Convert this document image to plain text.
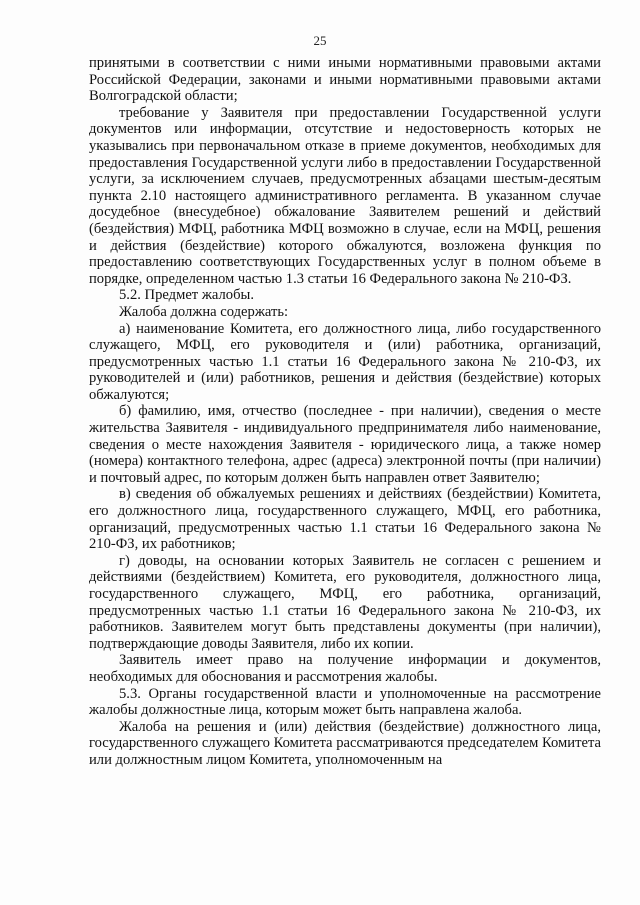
25

принятыми в соответствии с ними иными нормативными правовыми актами Российской Федерации, законами и иными нормативными правовыми актами Волгоградской области;

требование у Заявителя при предоставлении Государственной услуги документов или информации, отсутствие и недостоверность которых не указывались при первоначальном отказе в приеме документов, необходимых для предоставления Государственной услуги либо в предоставлении Государственной услуги, за исключением случаев, предусмотренных абзацами шестым-десятым пункта 2.10 настоящего административного регламента. В указанном случае досудебное (внесудебное) обжалование Заявителем решений и действий (бездействия) МФЦ, работника МФЦ возможно в случае, если на МФЦ, решения и действия (бездействие) которого обжалуются, возложена функция по предоставлению соответствующих Государственных услуг в полном объеме в порядке, определенном частью 1.3 статьи 16 Федерального закона № 210-ФЗ.

5.2. Предмет жалобы.

Жалоба должна содержать:

а) наименование Комитета, его должностного лица, либо государственного служащего, МФЦ, его руководителя и (или) работника, организаций, предусмотренных частью 1.1 статьи 16 Федерального закона № 210-ФЗ, их руководителей и (или) работников, решения и действия (бездействие) которых обжалуются;

б) фамилию, имя, отчество (последнее - при наличии), сведения о месте жительства Заявителя - индивидуального предпринимателя либо наименование, сведения о месте нахождения Заявителя - юридического лица, а также номер (номера) контактного телефона, адрес (адреса) электронной почты (при наличии) и почтовый адрес, по которым должен быть направлен ответ Заявителю;

в) сведения об обжалуемых решениях и действиях (бездействии) Комитета, его должностного лица, государственного служащего, МФЦ, его работника, организаций, предусмотренных частью 1.1 статьи 16 Федерального закона № 210-ФЗ, их работников;

г) доводы, на основании которых Заявитель не согласен с решением и действиями (бездействием) Комитета, его руководителя, должностного лица, государственного служащего, МФЦ, его работника, организаций, предусмотренных частью 1.1 статьи 16 Федерального закона № 210-ФЗ, их работников. Заявителем могут быть представлены документы (при наличии), подтверждающие доводы Заявителя, либо их копии.

Заявитель имеет право на получение информации и документов, необходимых для обоснования и рассмотрения жалобы.

5.3. Органы государственной власти и уполномоченные на рассмотрение жалобы должностные лица, которым может быть направлена жалоба.

Жалоба на решения и (или) действия (бездействие) должностного лица, государственного служащего Комитета рассматриваются председателем Комитета или должностным лицом Комитета, уполномоченным на
